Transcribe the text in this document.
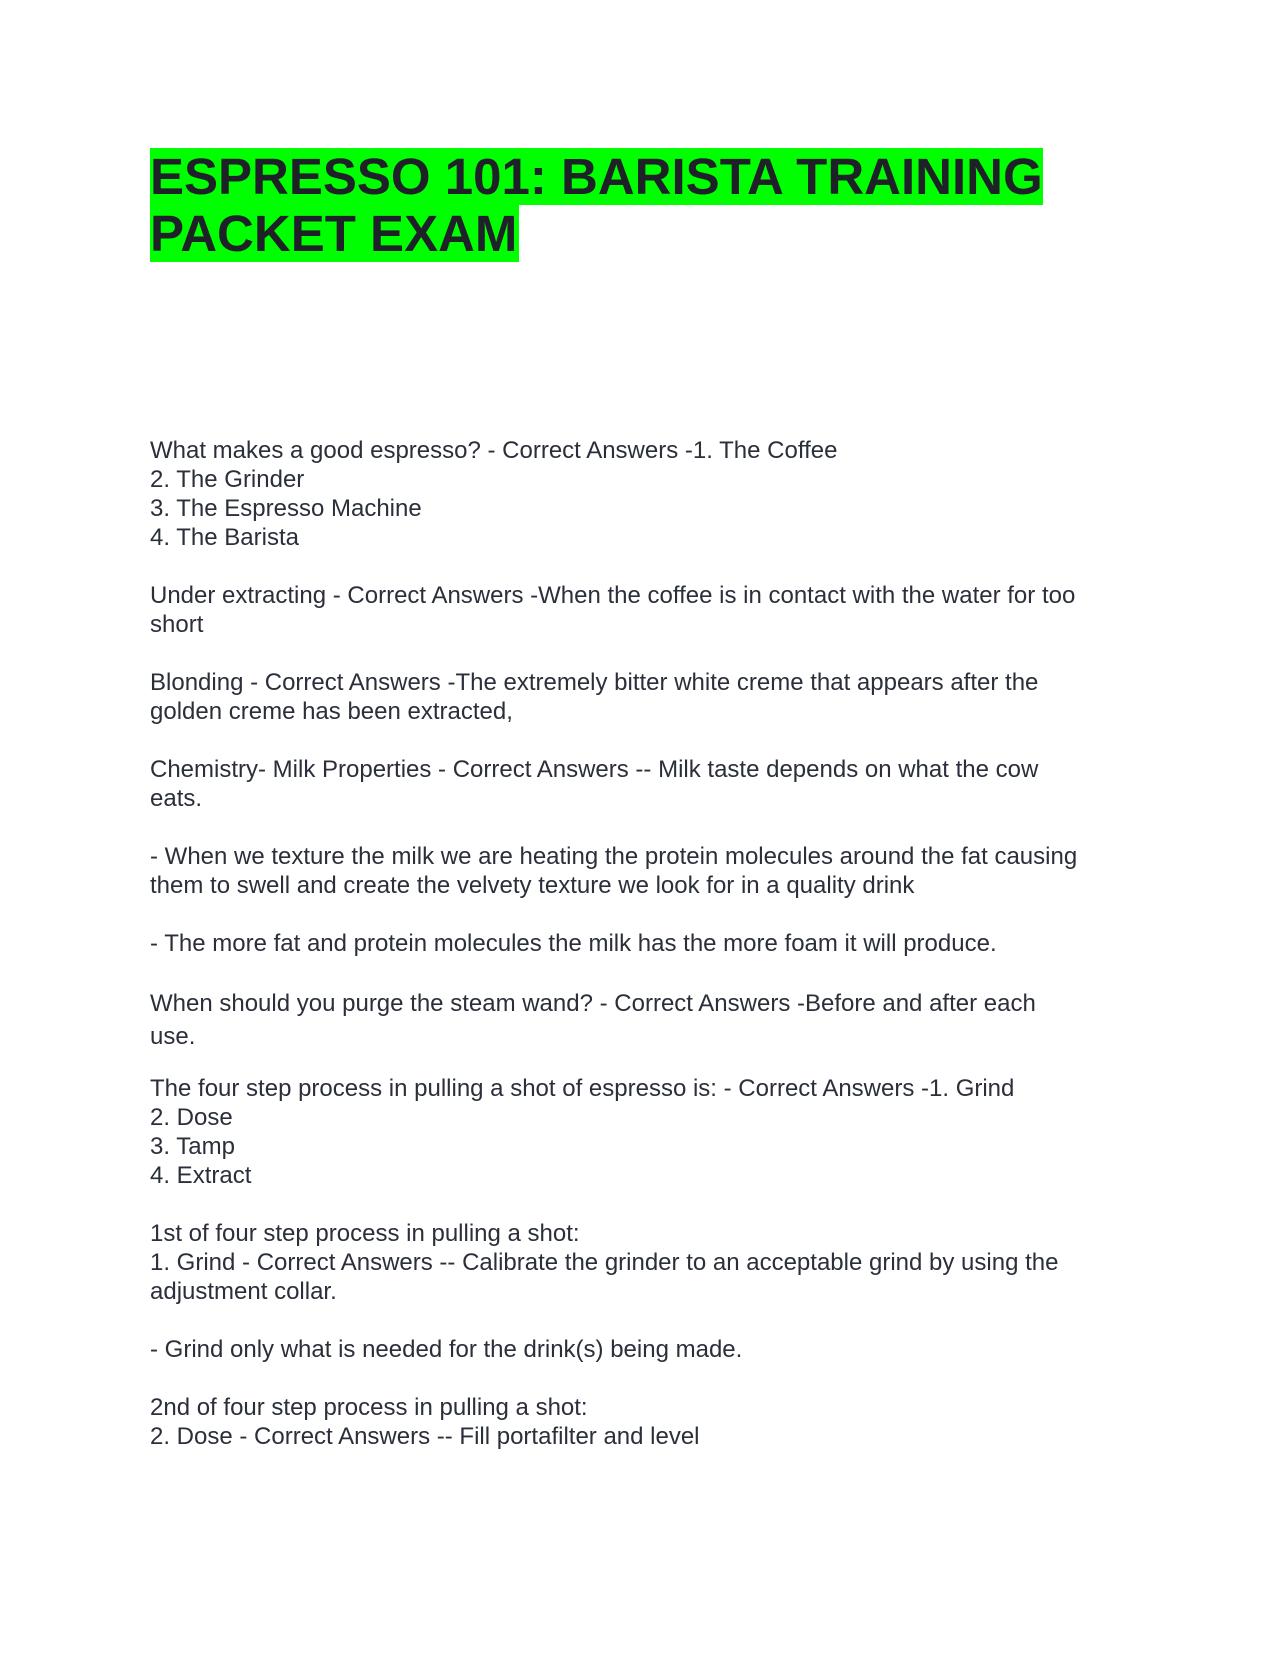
ESPRESSO 101: BARISTA TRAINING
PACKET EXAM
What makes a good espresso? - Correct Answers -1. The Coffee
2. The Grinder
3. The Espresso Machine
4. The Barista
Under extracting - Correct Answers -When the coffee is in contact with the water for too
short
Blonding - Correct Answers -The extremely bitter white creme that appears after the
golden creme has been extracted,
Chemistry- Milk Properties - Correct Answers -- Milk taste depends on what the cow
eats.
- When we texture the milk we are heating the protein molecules around the fat causing
them to swell and create the velvety texture we look for in a quality drink
- The more fat and protein molecules the milk has the more foam it will produce.
When should you purge the steam wand? - Correct Answers -Before and after each
use.
The four step process in pulling a shot of espresso is: - Correct Answers -1. Grind
2. Dose
3. Tamp
4. Extract
1st of four step process in pulling a shot:
1. Grind - Correct Answers -- Calibrate the grinder to an acceptable grind by using the
adjustment collar.
- Grind only what is needed for the drink(s) being made.
2nd of four step process in pulling a shot:
2. Dose - Correct Answers -- Fill portafilter and level
